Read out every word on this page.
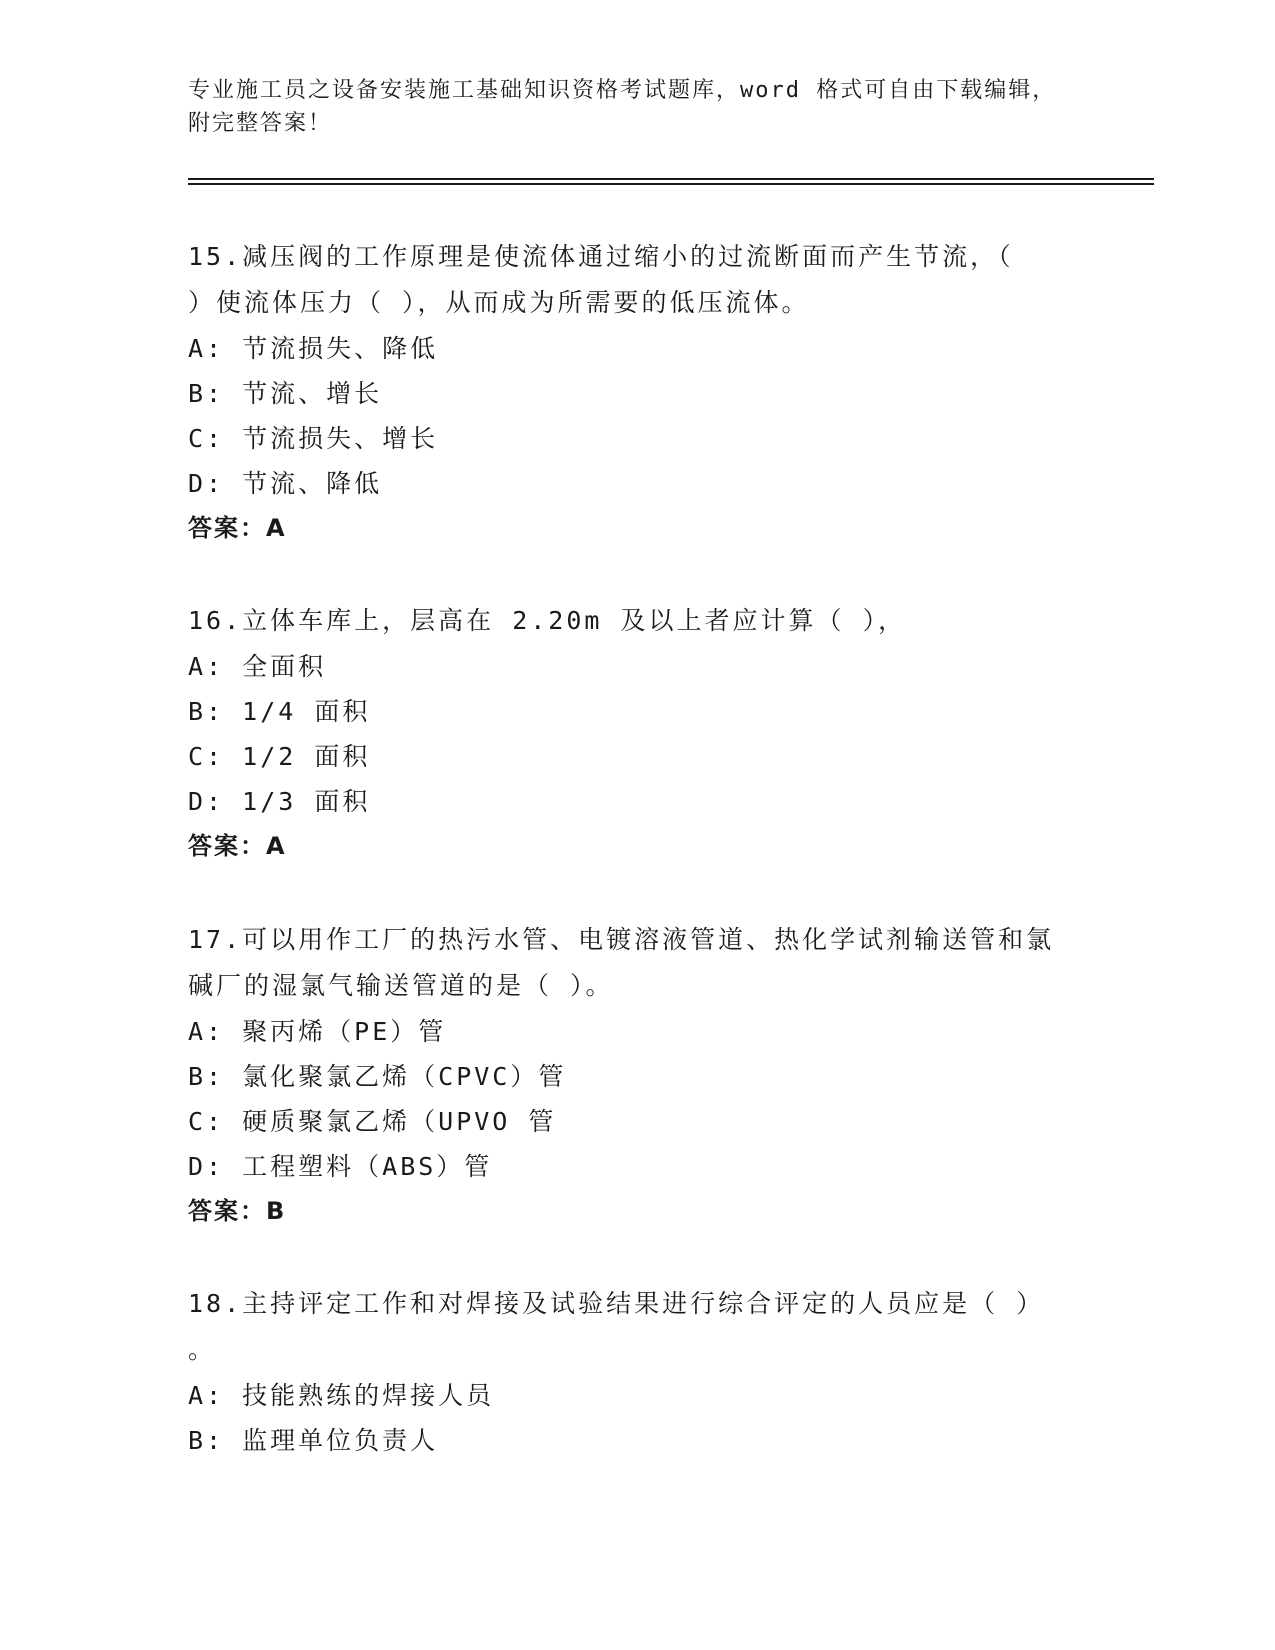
专业施工员之设备安装施工基础知识资格考试题库，word 格式可自由下载编辑，
附完整答案！
15.减压阀的工作原理是使流体通过缩小的过流断面而产生节流，（
）使流体压力（ ），从而成为所需要的低压流体。
A: 节流损失、降低
B: 节流、增长
C: 节流损失、增长
D: 节流、降低
答案：A
16.立体车库上，层高在 2.20m 及以上者应计算（ ），
A: 全面积
B: 1/4 面积
C: 1/2 面积
D: 1/3 面积
答案：A
17.可以用作工厂的热污水管、电镀溶液管道、热化学试剂输送管和氯
碱厂的湿氯气输送管道的是（ ）。
A: 聚丙烯（PE）管
B: 氯化聚氯乙烯（CPVC）管
C: 硬质聚氯乙烯（UPVO 管
D: 工程塑料（ABS）管
答案：B
18.主持评定工作和对焊接及试验结果进行综合评定的人员应是（ ）
。
A: 技能熟练的焊接人员
B: 监理单位负责人
